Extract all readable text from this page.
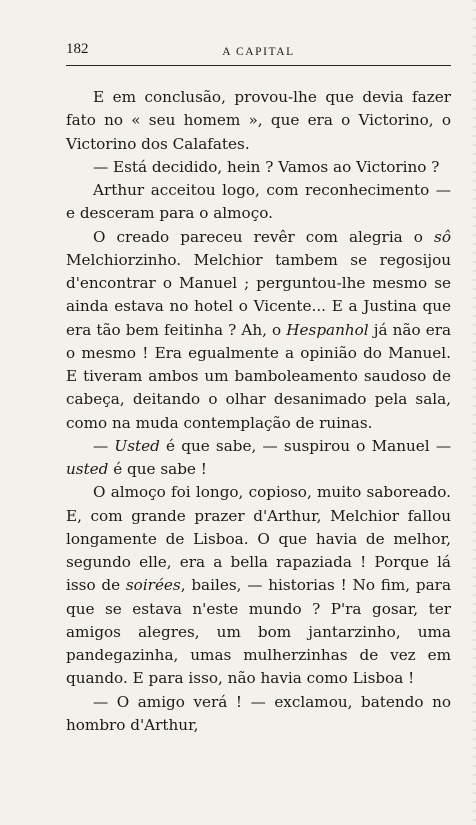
182	A CAPITAL

E em conclusão, provou-lhe que devia fazer fato no « seu homem », que era o Victorino, o Victorino dos Calafates.

— Está decidido, hein ? Vamos ao Victorino ?

Arthur acceitou logo, com reconhecimento — e desceram para o almoço.

O creado pareceu revêr com alegria o sô Melchiorzinho. Melchior tambem se regosijou d'encontrar o Manuel ; perguntou-lhe mesmo se ainda estava no hotel o Vicente... E a Justina que era tão bem feitinha ? Ah, o Hespanhol já não era o mesmo ! Era egualmente a opinião do Manuel. E tiveram ambos um bamboleamento saudoso de cabeça, deitando o olhar desanimado pela sala, como na muda contemplação de ruinas.

— Usted é que sabe, — suspirou o Manuel — usted é que sabe !

O almoço foi longo, copioso, muito saboreado. E, com grande prazer d'Arthur, Melchior fallou longamente de Lisboa. O que havia de melhor, segundo elle, era a bella rapaziada ! Porque lá isso de soirées, bailes, — historias ! No fim, para que se estava n'este mundo ? P'ra gosar, ter amigos alegres, um bom jantarzinho, uma pandegazinha, umas mulherzinhas de vez em quando. E para isso, não havia como Lisboa !

— O amigo verá ! — exclamou, batendo no hombro d'Arthur,
